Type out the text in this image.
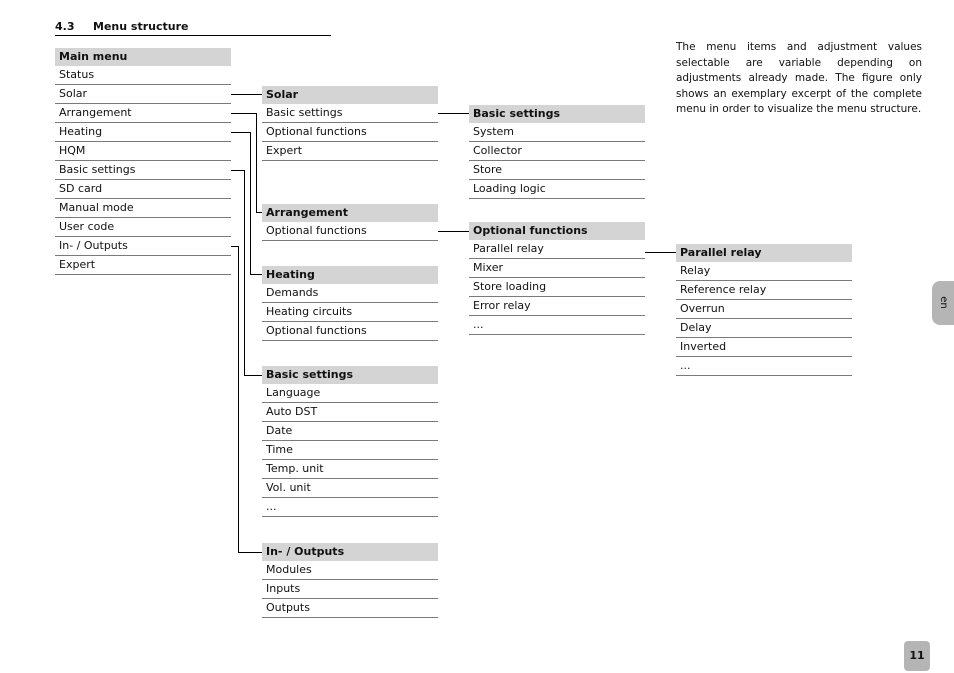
4.3 Menu structure
Main menu
Status
Solar
Arrangement
Heating
HQM
Basic settings
SD card
Manual mode
User code
In- / Outputs
Expert
Solar
Basic settings
Optional functions
Expert
Basic settings
System
Collector
Store
Loading logic
Arrangement
Optional functions	Optional functions
Parallel relay
Mixer
Store loading
Error relay
...
Parallel relay
Relay
Reference relay
Overrun
Delay
Inverted
...
Heating
Demands
Heating circuits
Optional functions
Basic settings
Language
Auto DST
Date
Time
Temp. unit
Vol. unit
...
In- / Outputs
Modules
Inputs
Outputs

The menu items and adjustment values selectable are variable depending on adjustments already made. The figure only shows an exemplary excerpt of the complete menu in order to visualize the menu structure.

en
11
